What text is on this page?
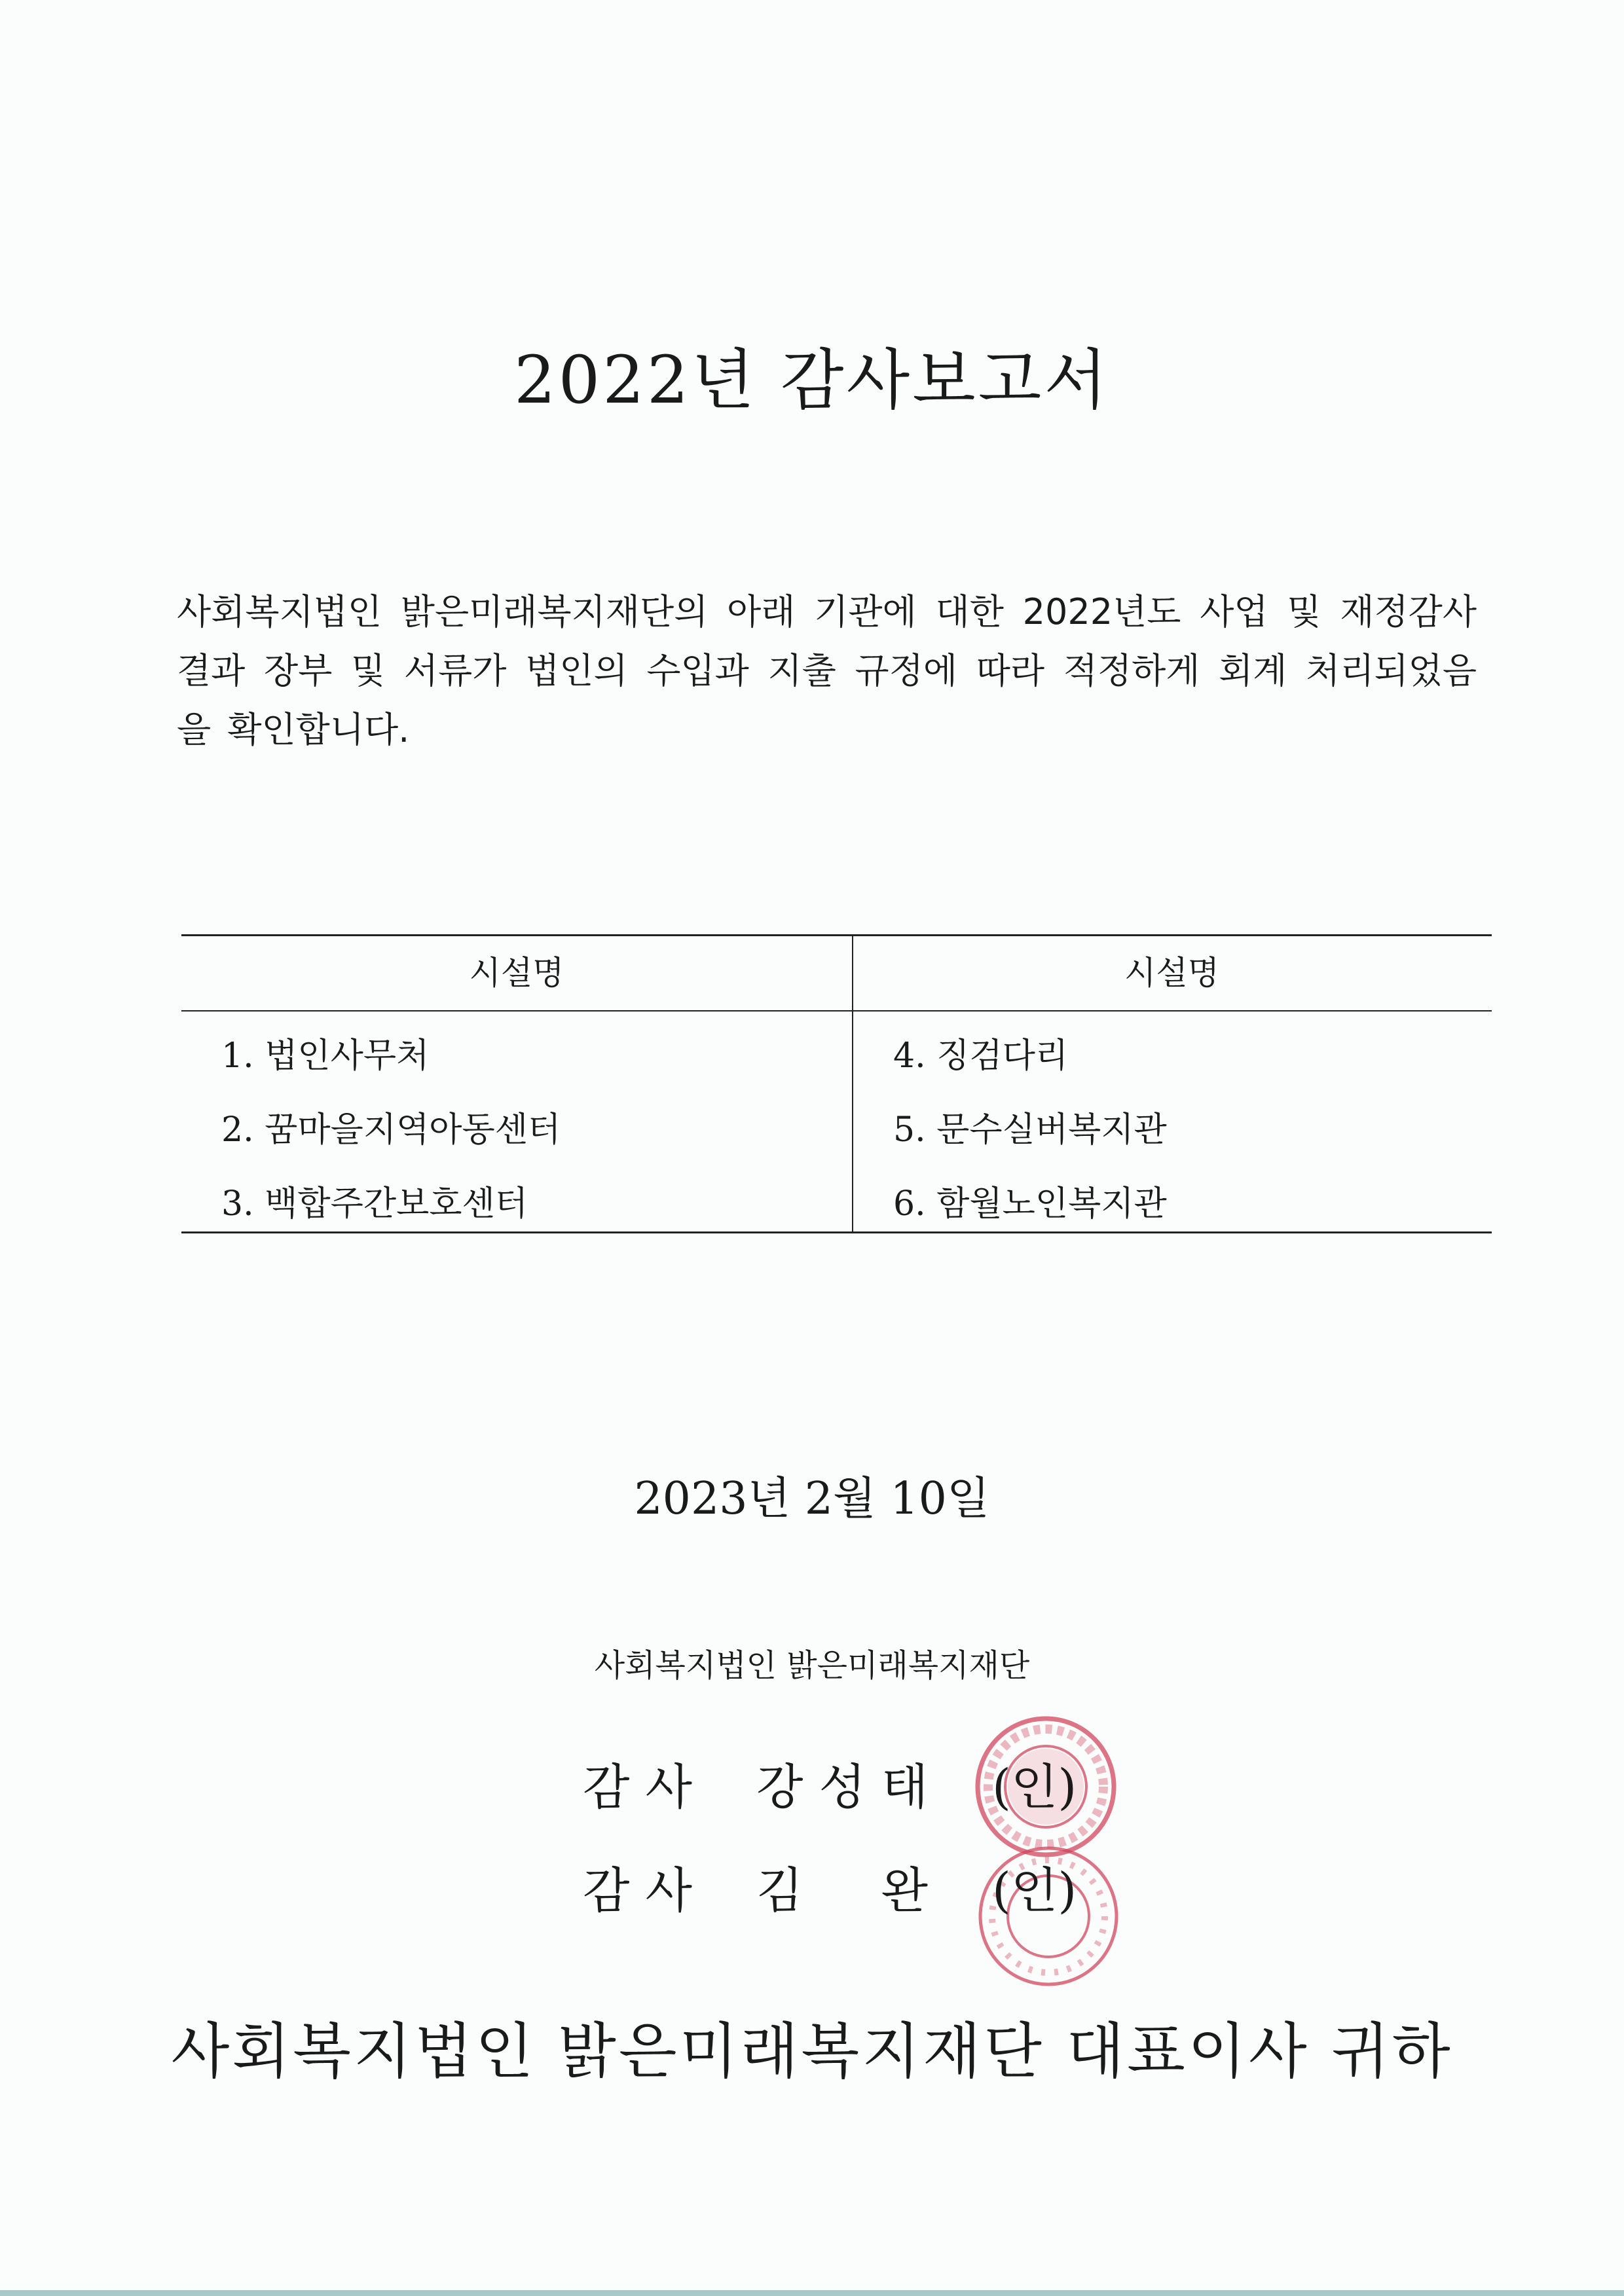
2022년 감사보고서
사회복지법인 밝은미래복지재단의 아래 기관에 대한 2022년도 사업 및 재정감사 결과 장부 및 서류가 법인의 수입과 지출 규정에 따라 적정하게 회계 처리되었음을 확인합니다.
시설명	시설명
1. 법인사무처
2. 꿈마을지역아동센터
3. 백합주간보호센터
4. 징검다리
5. 문수실버복지관
6. 함월노인복지관
2023년 2월 10일
사회복지법인 밝은미래복지재단
감사 강성태 (인)
감사 김  완 (인)
사회복지법인 밝은미래복지재단 대표이사 귀하
